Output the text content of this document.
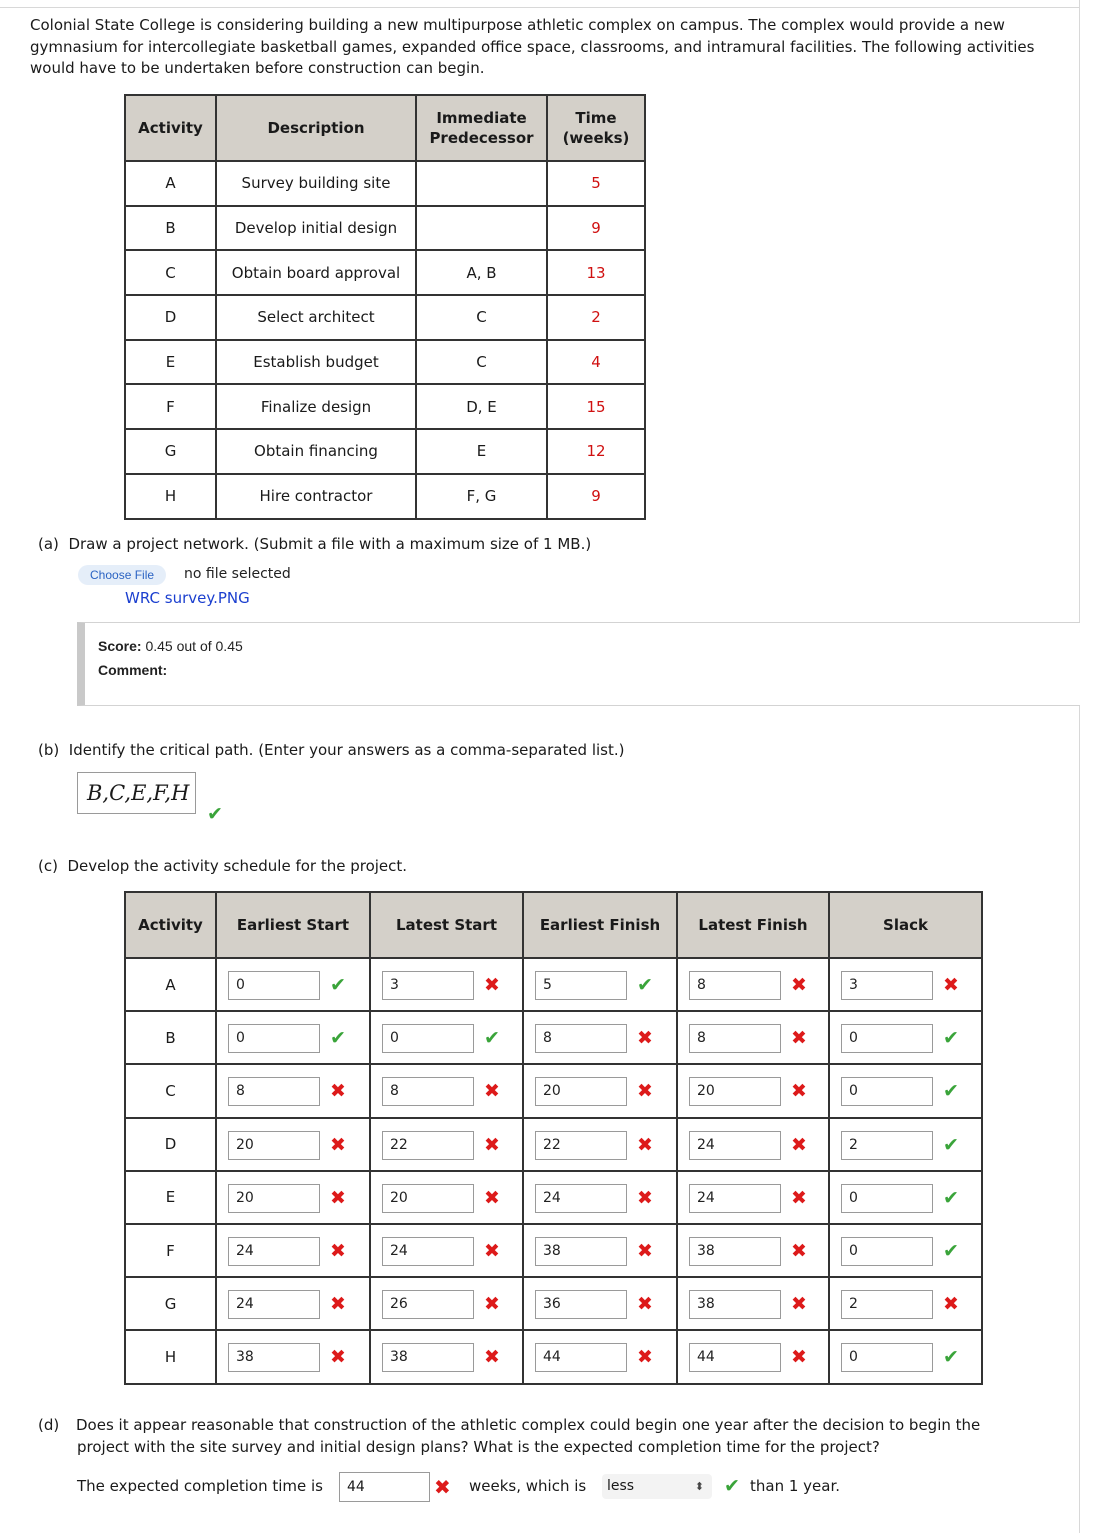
Colonial State College is considering building a new multipurpose athletic complex on campus. The complex would provide a new gymnasium for intercollegiate basketball games, expanded office space, classrooms, and intramural facilities. The following activities would have to be undertaken before construction can begin.

Activity	Description	Immediate Predecessor	Time (weeks)
A	Survey building site		5
B	Develop initial design		9
C	Obtain board approval	A, B	13
D	Select architect	C	2
E	Establish budget	C	4
F	Finalize design	D, E	15
G	Obtain financing	E	12
H	Hire contractor	F, G	9
(a) Draw a project network. (Submit a file with a maximum size of 1 MB.)
Choose File	no file selected
WRC survey.PNG
Score: 0.45 out of 0.45
Comment:
(b) Identify the critical path. (Enter your answers as a comma-separated list.)
B,C,E,F,H
✔
(c) Develop the activity schedule for the project.
Activity	Earliest Start	Latest Start	Earliest Finish	Latest Finish	Slack
A	0 ✔	3 ✖	5 ✔	8 ✖	3 ✖

B	0 ✔	0 ✔	8 ✖	8 ✖	0 ✔

C	8 ✖	8 ✖	20 ✖	20 ✖	0 ✔

D	20 ✖	22 ✖	22 ✖	24 ✖	2 ✔

E	20 ✖	20 ✖	24 ✖	24 ✖	0 ✔

F	24 ✖	24 ✖	38 ✖	38 ✖	0 ✔

G	24 ✖	26 ✖	36 ✖	38 ✖	2 ✖

H	38 ✖	38 ✖	44 ✖	44 ✖	0 ✔

(d) Does it appear reasonable that construction of the athletic complex could begin one year after the decision to begin the
project with the site survey and initial design plans? What is the expected completion time for the project?

The expected completion time is	44	✖ weeks, which is	less	⬍ ✔ than 1 year.
